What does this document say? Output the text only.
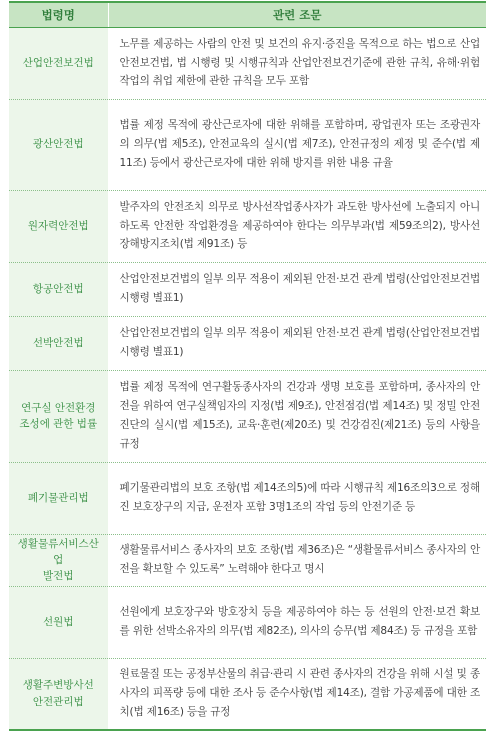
법령명	관련 조문

산업안전보건법	노무를 제공하는 사람의 안전 및 보건의 유지·증진을 목적으로 하는 법으로 산업안전보건법, 법 시행령 및 시행규칙과 산업안전보건기준에 관한 규칙, 유해·위험작업의 취업 제한에 관한 규칙을 모두 포함

광산안전법	법률 제정 목적에 광산근로자에 대한 위해를 포함하며, 광업권자 또는 조광권자의 의무(법 제5조), 안전교육의 실시(법 제7조), 안전규정의 제정 및 준수(법 제11조) 등에서 광산근로자에 대한 위해 방지를 위한 내용 규율

원자력안전법	발주자의 안전조치 의무로 방사선작업종사자가 과도한 방사선에 노출되지 아니하도록 안전한 작업환경을 제공하여야 한다는 의무부과(법 제59조의2), 방사선장해방지조치(법 제91조) 등

항공안전법	산업안전보건법의 일부 의무 적용이 제외된 안전·보건 관계 법령(산업안전보건법 시행령 별표1)

선박안전법	산업안전보건법의 일부 의무 적용이 제외된 안전·보건 관계 법령(산업안전보건법 시행령 별표1)

연구실 안전환경
조성에 관한 법률	법률 제정 목적에 연구활동종사자의 건강과 생명 보호를 포함하며, 종사자의 안전을 위하여 연구실책임자의 지정(법 제9조), 안전점검(법 제14조) 및 정밀 안전진단의 실시(법 제15조), 교육·훈련(제20조) 및 건강검진(제21조) 등의 사항을 규정

폐기물관리법	폐기물관리법의 보호 조항(법 제14조의5)에 따라 시행규칙 제16조의3으로 정해진 보호장구의 지급, 운전자 포함 3명1조의 작업 등의 안전기준 등

생활물류서비스산업
발전법	생활물류서비스 종사자의 보호 조항(법 제36조)은 “생활물류서비스 종사자의 안전을 확보할 수 있도록” 노력해야 한다고 명시

선원법	선원에게 보호장구와 방호장치 등을 제공하여야 하는 등 선원의 안전·보건 확보를 위한 선박소유자의 의무(법 제82조), 의사의 승무(법 제84조) 등 규정을 포함

생활주변방사선
안전관리법	원료물질 또는 공정부산물의 취급·관리 시 관련 종사자의 건강을 위해 시설 및 종사자의 피폭량 등에 대한 조사 등 준수사항(법 제14조), 결함 가공제품에 대한 조치(법 제16조) 등을 규정
